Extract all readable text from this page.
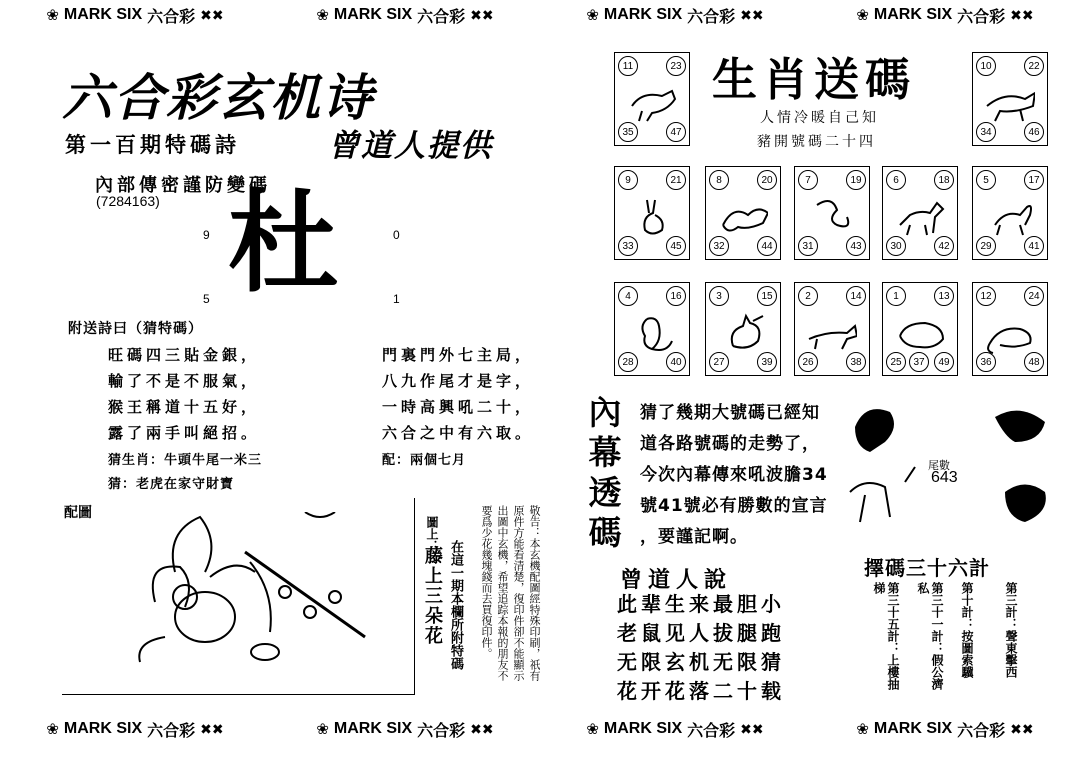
❀ MARK SIX 六合彩 ✖✖	❀ MARK SIX 六合彩 ✖✖	❀ MARK SIX 六合彩 ✖✖	❀ MARK SIX 六合彩 ✖✖
❀ MARK SIX 六合彩 ✖✖	❀ MARK SIX 六合彩 ✖✖	❀ MARK SIX 六合彩 ✖✖	❀ MARK SIX 六合彩 ✖✖
六合彩玄机诗
第一百期特碼詩	曾道人提供
內部傳密謹防變碼
(7284163)
9	0
5	1
杜
附送詩曰（猜特碼）
旺碼四三貼金銀，
輸了不是不服氣，
猴王稱道十五好，
露了兩手叫絕招。
門裏門外七主局，
八九作尾才是字，
一時高興吼二十，
六合之中有六取。
猜生肖：牛頭牛尾一米三	配：兩個七月
猜：老虎在家守財寶
配圖
圖上：
藤上三朵花 在這一期本欄所附特碼	敬告：本玄機配圖經特殊印刷，祇有原件方能看清楚，復印件卻不能顯示出圖中玄機，希望追踪本報的朋友不要爲少花幾塊錢而去買復印件。
生肖送碼
人情冷暖自己知
豬開號碼二十四
11	23
35	47
10	22
34	46
9	21
33	45
8	20
32	44
7	19
31	43
6	18
30	42
5	17
29	41
4	16
28	40
3	15
27	39
2	14
26	38
1	13
25	37	49
12	24
36	48
內
幕
透
碼
猜了幾期大號碼已經知
道各路號碼的走勢了，
今次內幕傳來吼波膽34
號41號必有勝數的宣言
，要謹記啊。
尾數
643
曾道人說
此辈生来最胆小
老鼠见人拔腿跑
无限玄机无限猜
花开花落二十载
擇碼三十六計
第三計：聲東擊西
第十計：按圖索驥
第三十一計：假公濟私
第三十五計：上樓抽梯
